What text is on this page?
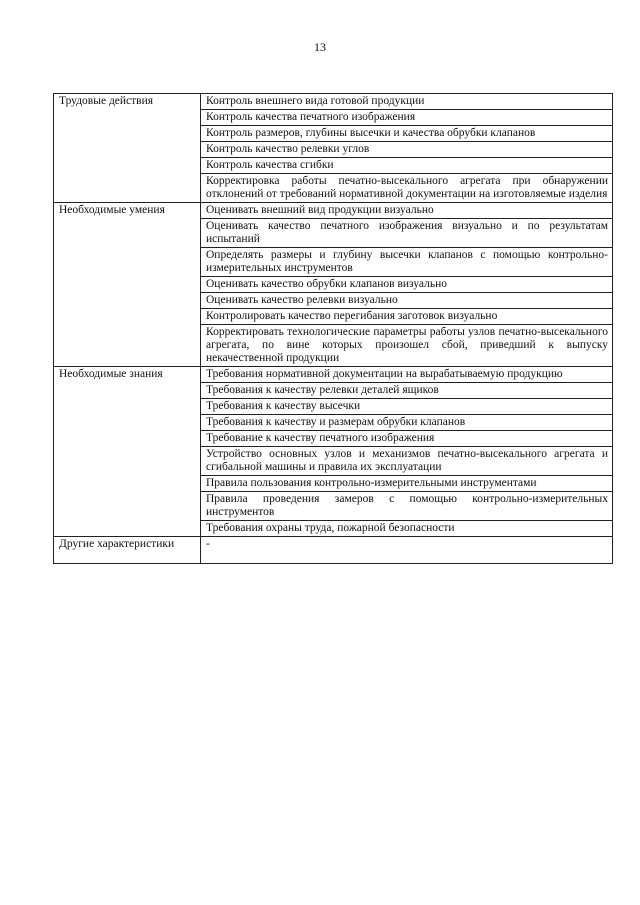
13
Трудовые действия	Контроль внешнего вида готовой продукции
	Контроль качества печатного изображения
	Контроль размеров, глубины высечки и качества обрубки клапанов
	Контроль качество релевки углов
	Контроль качества сгибки
	Корректировка работы печатно-высекального агрегата при обнаружении отклонений от требований нормативной документации на изготовляемые изделия
Необходимые умения	Оценивать внешний вид продукции визуально
	Оценивать качество печатного изображения визуально и по результатам испытаний
	Определять размеры и глубину высечки клапанов с помощью контрольно-измерительных инструментов
	Оценивать качество обрубки клапанов визуально
	Оценивать качество релевки визуально
	Контролировать качество перегибания заготовок визуально
	Корректировать технологические параметры работы узлов печатно-высекального агрегата, по вине которых произошел сбой, приведший к выпуску некачественной продукции
Необходимые знания	Требования нормативной документации на вырабатываемую продукцию
	Требования к качеству релевки деталей ящиков
	Требования к качеству высечки
	Требования к качеству и размерам обрубки клапанов
	Требование к качеству печатного изображения
	Устройство основных узлов и механизмов печатно-высекального агрегата и сгибальной машины и правила их эксплуатации
	Правила пользования контрольно-измерительными инструментами
	Правила проведения замеров с помощью контрольно-измерительных инструментов
	Требования охраны труда, пожарной безопасности
Другие характеристики	-
